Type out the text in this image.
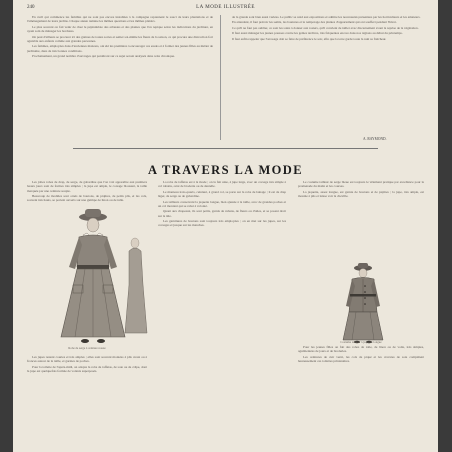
240	LA MODE ILLUSTRÉE

En avril qui commence les familles qui ne sont pas encore installées à la campagne reprennent le souci de leurs plantations et de l'aménagement de leurs jardins. Chaque année ramène les mêmes questions et les mêmes plaisirs.

Le plus souvent on fait venir de chez le pépiniériste des arbustes et des plantes que l'on repique selon les indications du jardinier, en ayant soin de ménager les bordures.

On peut d'ailleurs se procurer ici des graines de toutes sortes et semer soi-même les fleurs de la saison, ce qui procure une distraction fort agréable aux enfants comme aux grandes personnes.

Les femmes, employées dans d'anciennes maisons, ont été les premières à encourager ces essais et à former des jeunes filles au métier de jardinière, dans de très bonnes conditions.

Prochainement, un grand nombre d'ouvrages qui paraîtront sur ce sujet seront analysés dans cette chronique.

de la grande sont bien aussi variées. Le public se rend aux expositions et admire les nouveautés présentées par les horticulteurs et les amateurs.

En attendant, il faut prévoir les semis, les boutures et le rempotage des plantes d'appartement qui ont souffert pendant l'hiver.

Ce qu'il ne faut pas oublier, ce sont les soins à donner aux rosiers, qu'il convient de tailler avec discernement avant la reprise de la végétation.

Il faut aussi ménager les jeunes pousses contre les gelées tardives, très fréquentes encore dans nos régions au début du printemps.

Il faut enfin rappeler que l'arrosage doit se faire de préférence le soir, afin que la terre garde toute la nuit sa fraîcheur.

A. RAYMOND.
A TRAVERS LA MODE

Les jolies robes de drap, de serge, de gabardine que l'on voit apparaître aux premiers beaux jours sont de formes très simples ; la jupe est ample, le corsage blousant, la taille marquée par une ceinture souple.

Beaucoup de modèles sont ornés de boutons, de piqûres, de petits plis, et les cols, souvent très hauts, se portent ouverts sur une guimpe de linon ou de tulle.

La robe de taffetas est à la mode ; on la fait unie, à jupe large, avec un corsage très simple à col rabattu, orné de broderie ou de dentelle.

Le manteau trois-quarts, ceinturé, à grand col, se porte sur la robe de lainage ; il est de drap léger, de serge ou de gabardine.

Les tailleurs conservent la jaquette longue, bien ajustée à la taille, avec de grandes poches et un col montant qui se rabat à volonté.

Quant aux chapeaux, ils sont petits, garnis de rubans, de fleurs ou d'ailes, et se posent droit sur la tête.

Les garnitures de boutons sont toujours très employées ; on en met sur les jupes, sur les corsages et jusque sur les manches.

Le costume tailleur de serge bleue est toujours le vêtement pratique par excellence pour la promenade du matin et les courses.

La jaquette, assez longue, est garnie de boutons et de piqûres ; la jupe, très ample, est montée à plis et laisse voir la cheville.

Les jupes restent courtes et très amples ; elles sont souvent montées à plis creux ou à fronces autour de la taille, et garnies de poches.

Pour la toilette de l'après-midi, on adopte la robe de taffetas, de soie ou de crêpe, dont la jupe est quelquefois formée de volants superposés.

Pour les jeunes filles on fait des robes de toile, de linon ou de voile, très simples, agrémentées de jours et de broderies.

Les ceintures de cuir verni, les cols de piqué et les cravates de soie complètent heureusement ces toilettes printanières.

Robe de serge à ceinture nouée
Costume tailleur à jaquette longue
